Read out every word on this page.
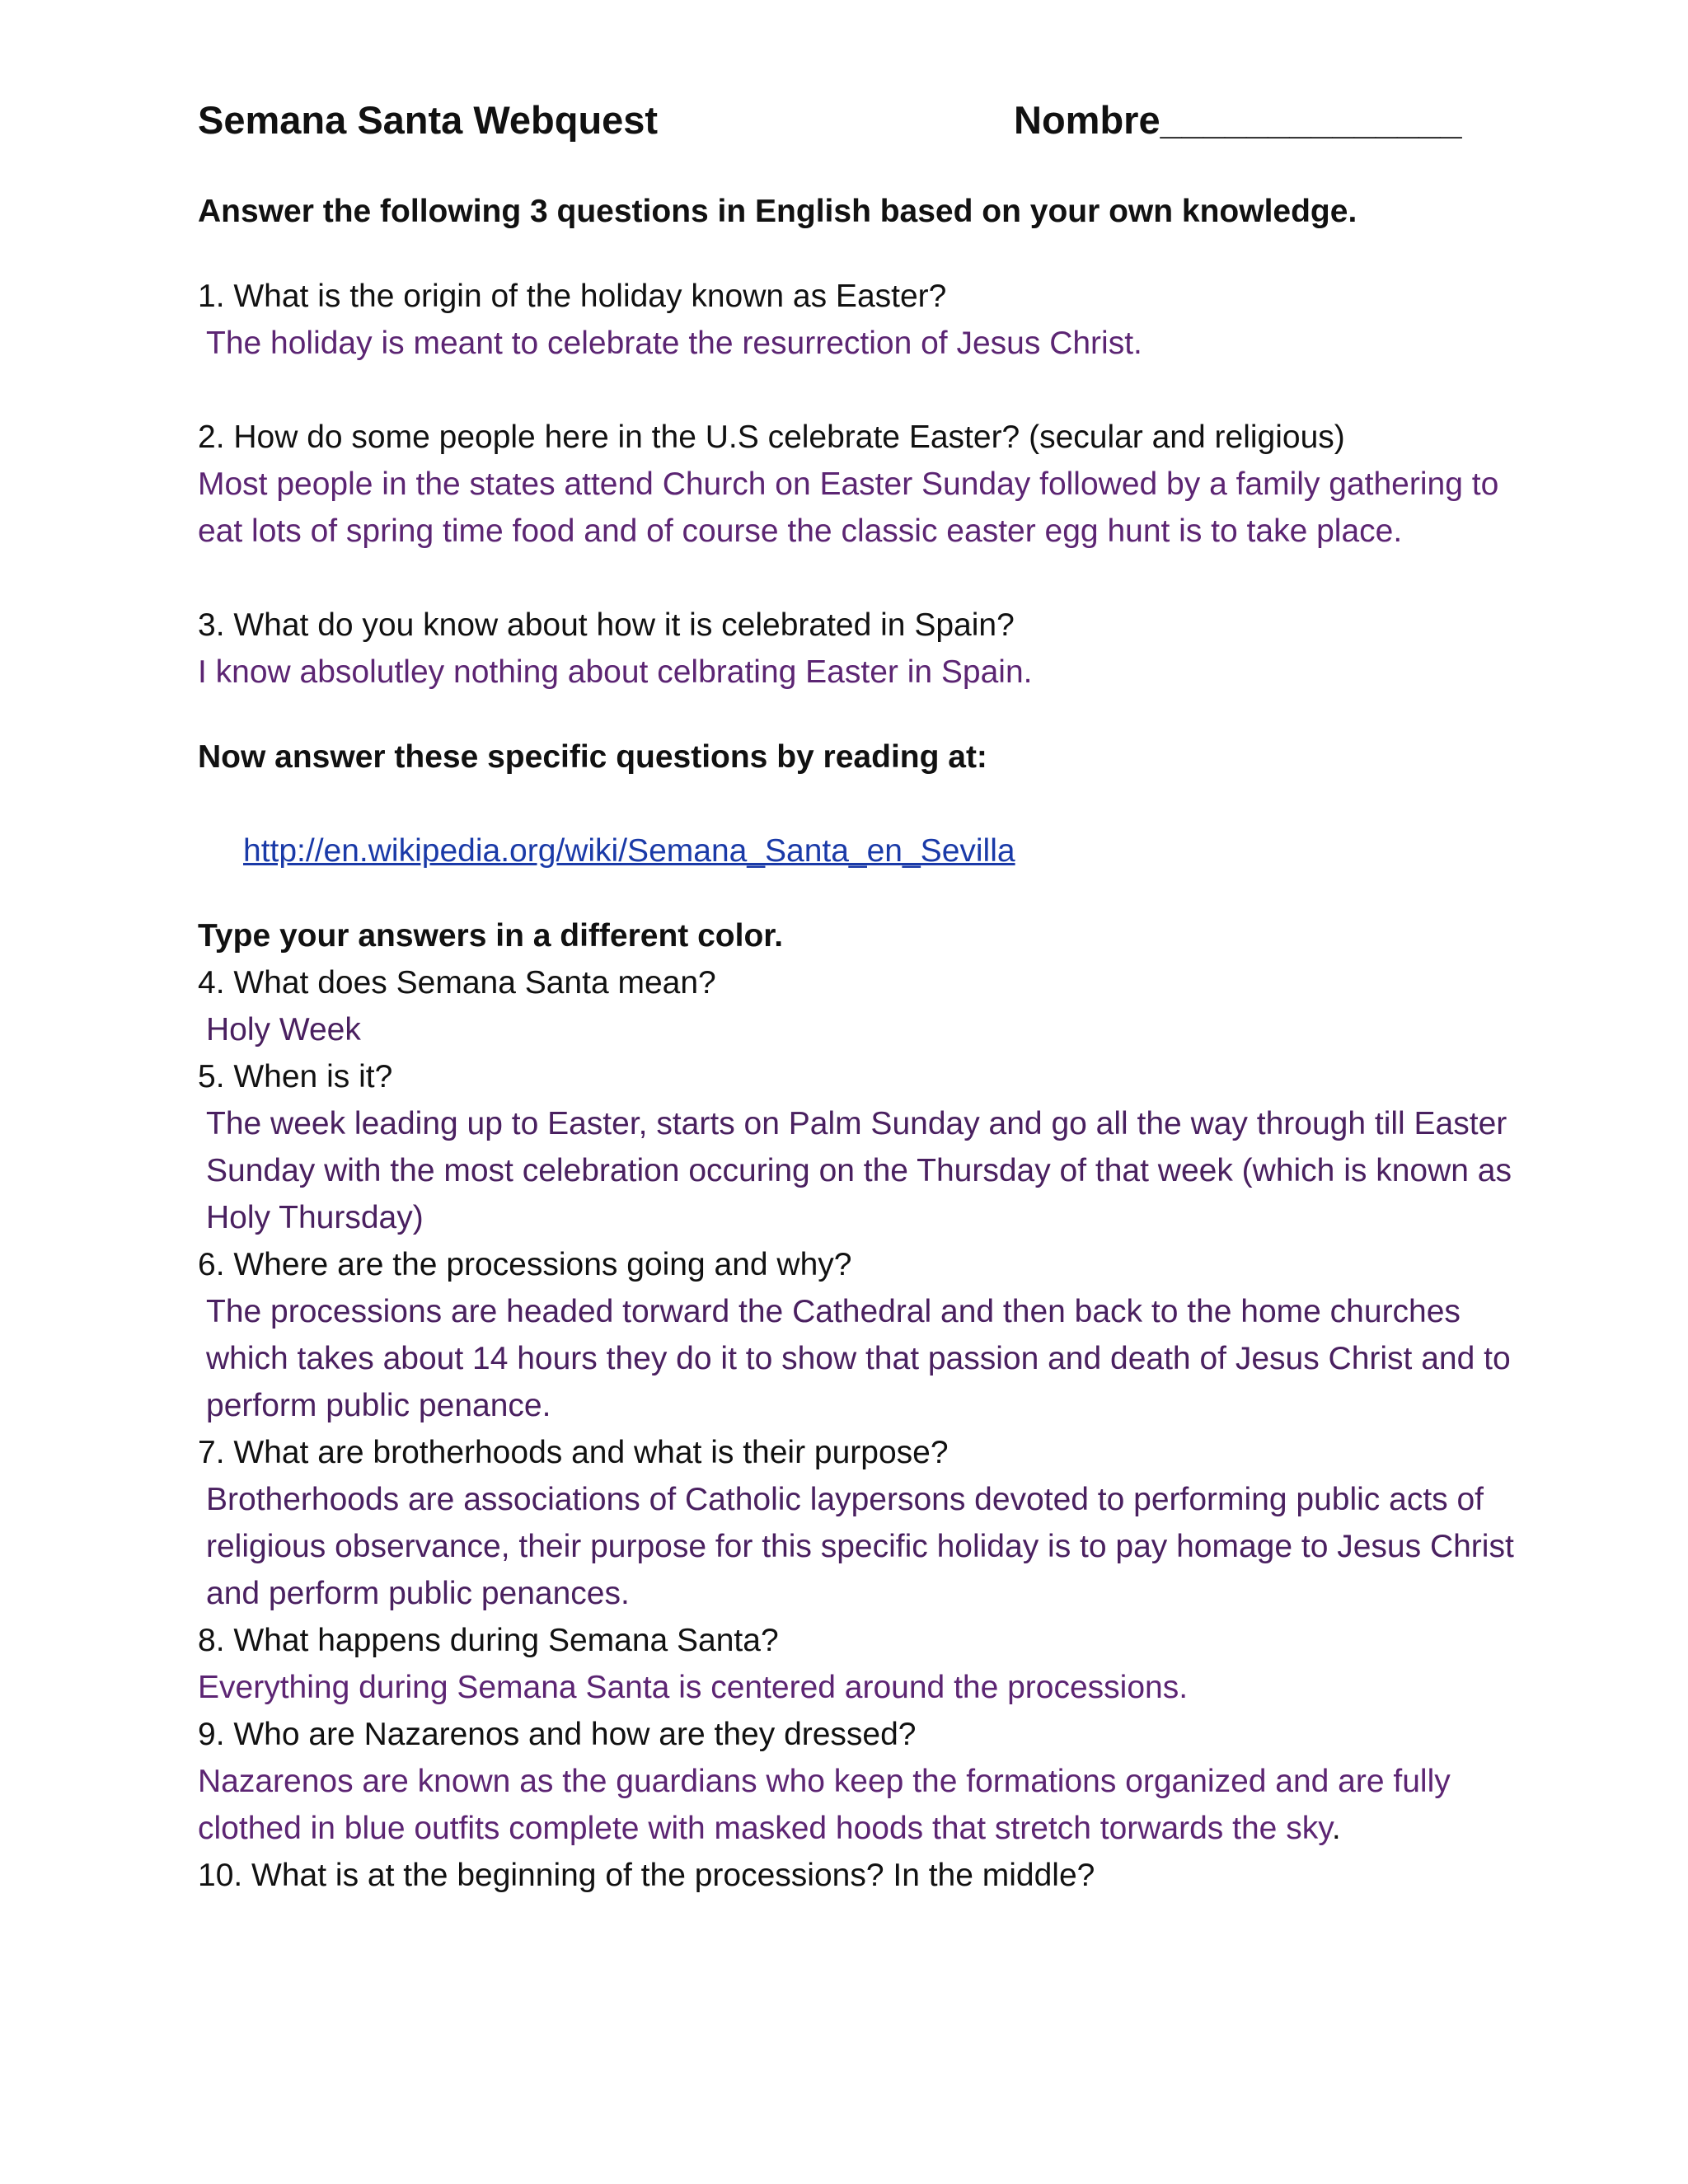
Semana Santa Webquest	Nombre______________

Answer the following 3 questions in English based on your own knowledge.

1. What is the origin of the holiday known as Easter?

The holiday is meant to celebrate the resurrection of Jesus Christ.

2. How do some people here in the U.S celebrate Easter? (secular and religious)

Most people in the states attend Church on Easter Sunday followed by a family gathering to eat lots of spring time food and of course the classic easter egg hunt is to take place.

3. What do you know about how it is celebrated in Spain?

I know absolutley nothing about celbrating Easter in Spain.

Now answer these specific questions by reading at:

http://en.wikipedia.org/wiki/Semana_Santa_en_Sevilla

Type your answers in a different color.

4. What does Semana Santa mean?

Holy Week

5. When is it?

The week leading up to Easter, starts on Palm Sunday and go all the way through till Easter Sunday with the most celebration occuring on the Thursday of that week (which is known as Holy Thursday)

6. Where are the processions going and why?

The processions are headed torward the Cathedral and then back to the home churches which takes about 14 hours they do it to show that passion and death of Jesus Christ and to perform public penance.

7. What are brotherhoods and what is their purpose?

Brotherhoods are associations of Catholic laypersons devoted to performing public acts of religious observance, their purpose for this specific holiday is to pay homage to Jesus Christ and perform public penances.

8. What happens during Semana Santa?

Everything during Semana Santa is centered around the processions.

9. Who are Nazarenos and how are they dressed?

Nazarenos are known as the guardians who keep the formations organized and are fully clothed in blue outfits complete with masked hoods that stretch torwards the sky.

10. What is at the beginning of the processions? In the middle?
